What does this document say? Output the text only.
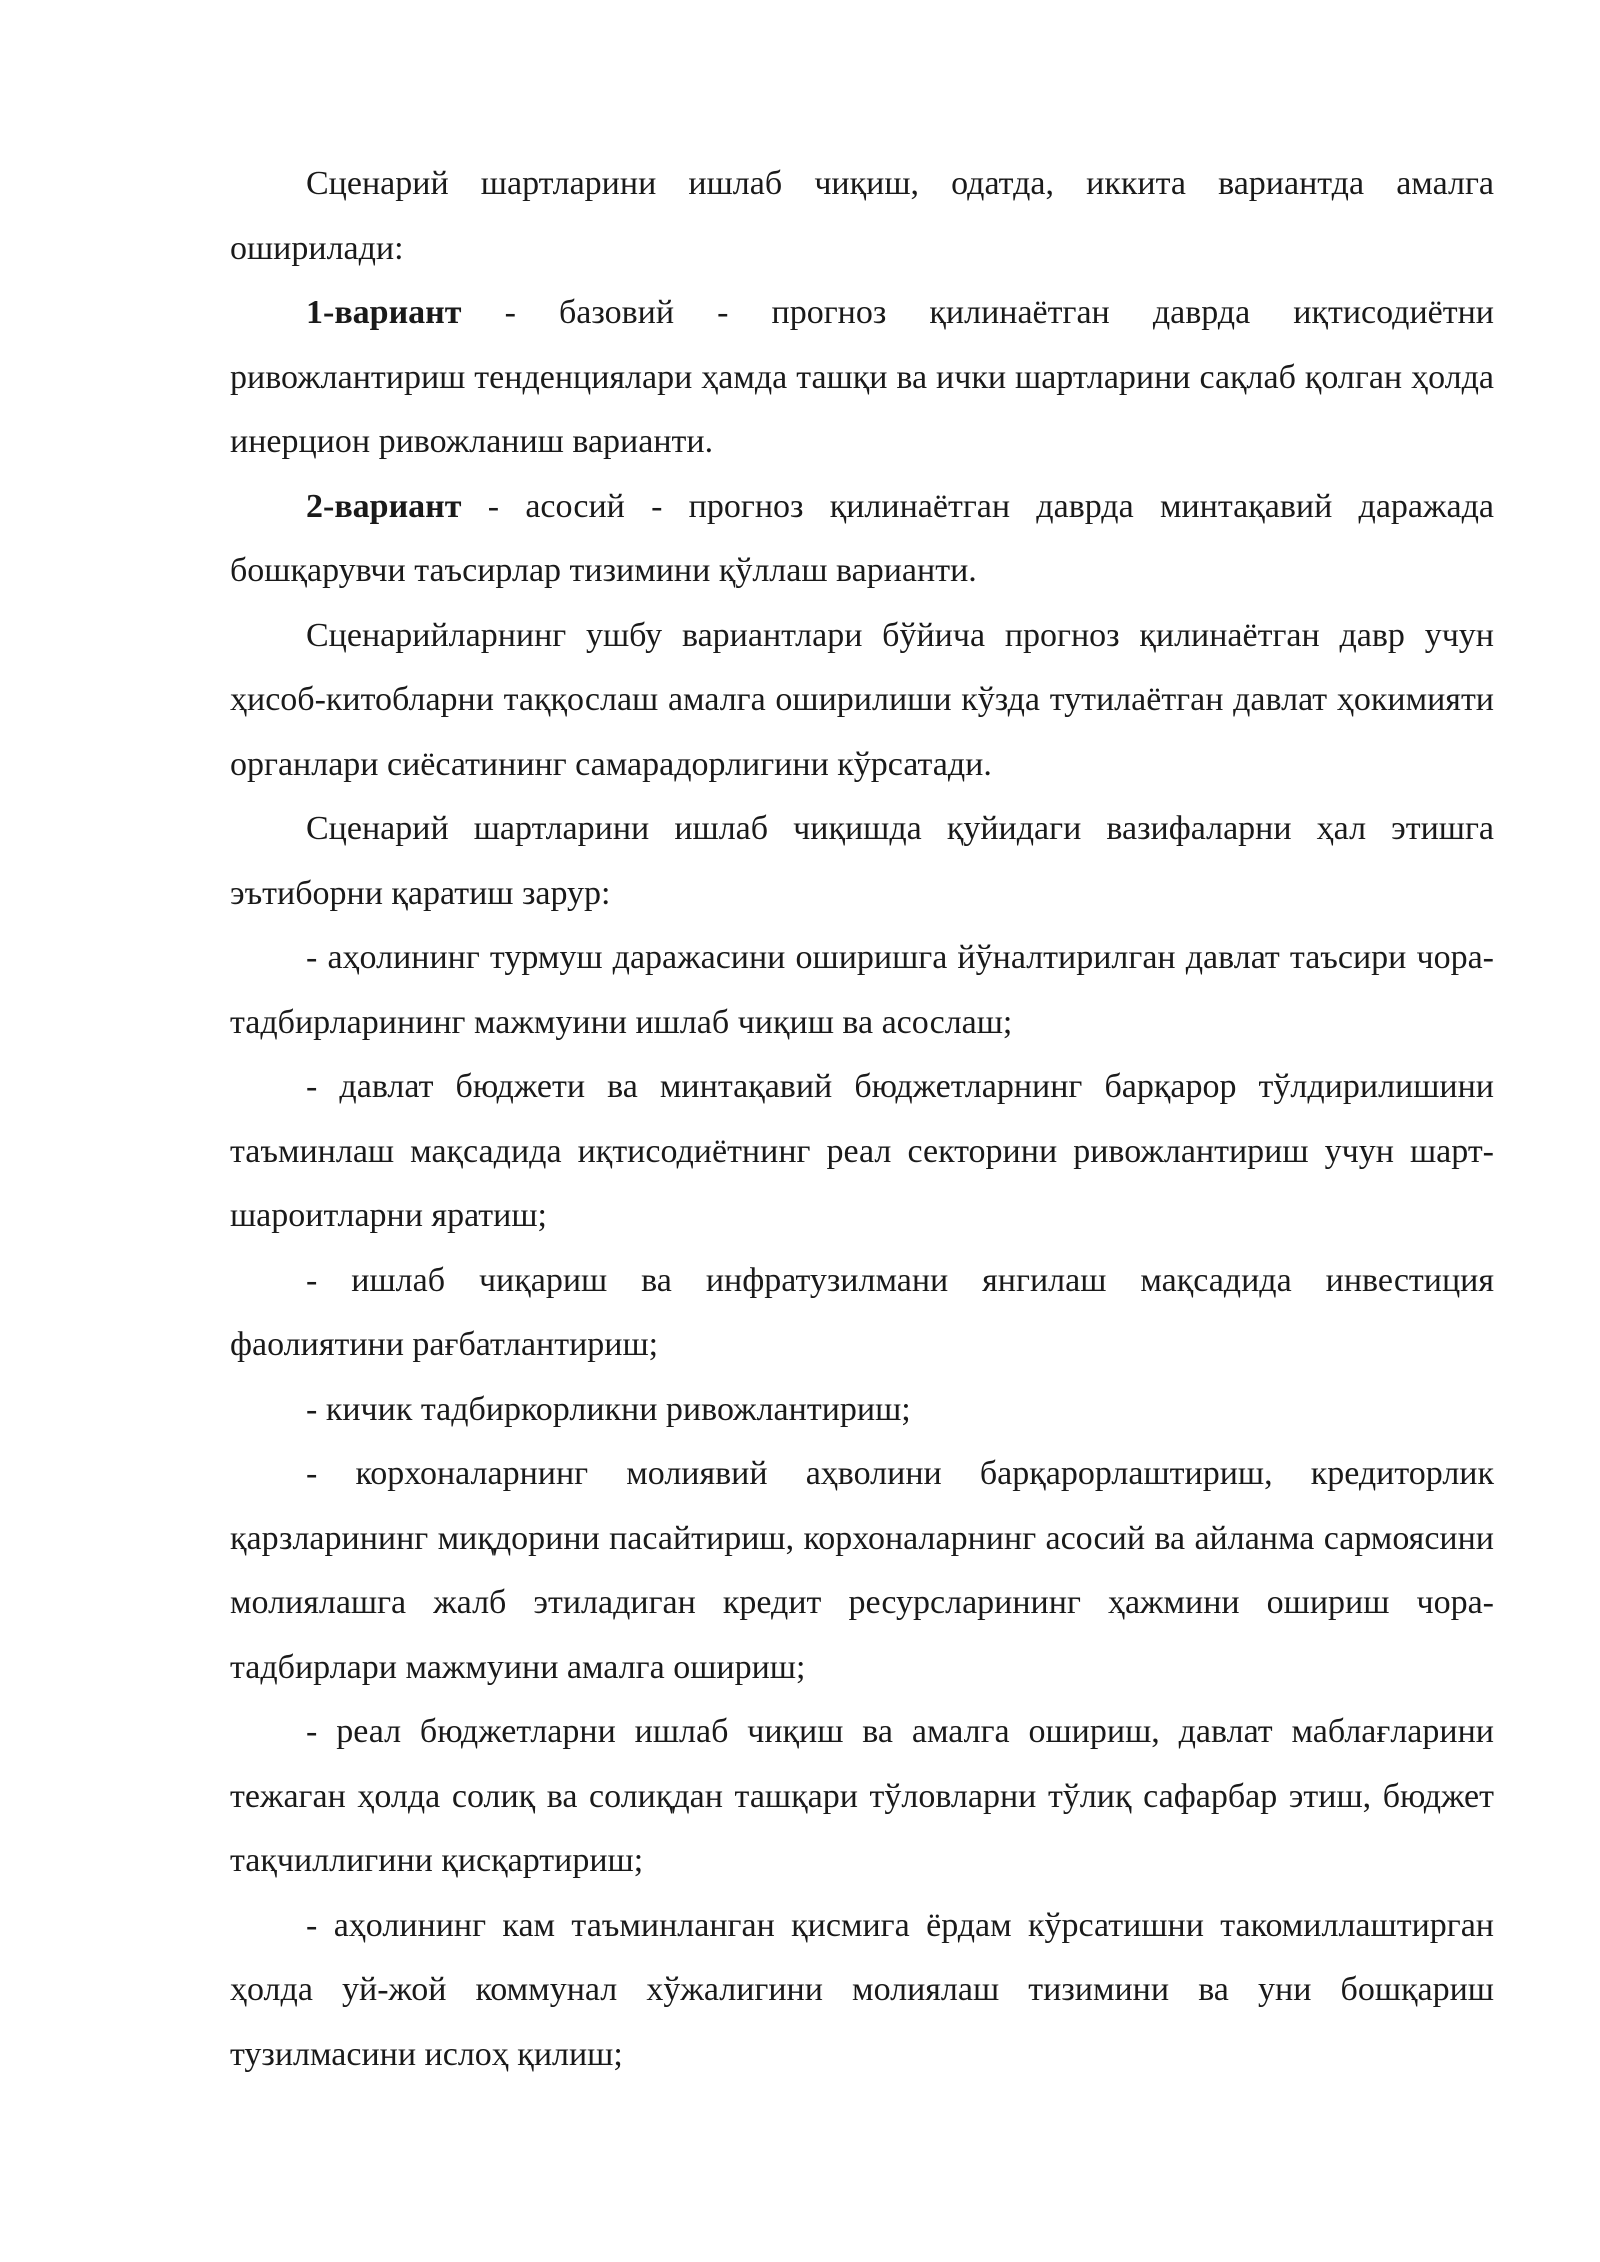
Сценарий шартларини ишлаб чиқиш, одатда, иккита вариантда амалга оширилади:

1-вариант - базовий - прогноз қилинаётган даврда иқтисодиётни ривожлантириш тенденциялари ҳамда ташқи ва ички шартларини сақлаб қолган ҳолда инерцион ривожланиш варианти.

2-вариант - асосий - прогноз қилинаётган даврда минтақавий даражада бошқарувчи таъсирлар тизимини қўллаш варианти.

Сценарийларнинг ушбу вариантлари бўйича прогноз қилинаётган давр учун ҳисоб-китобларни таққослаш амалга оширилиши кўзда тутилаётган давлат ҳокимияти органлари сиёсатининг самарадорлигини кўрсатади.

Сценарий шартларини ишлаб чиқишда қуйидаги вазифаларни ҳал этишга эътиборни қаратиш зарур:

- аҳолининг турмуш даражасини оширишга йўналтирилган давлат таъсири чора-тадбирларининг мажмуини ишлаб чиқиш ва асослаш;

- давлат бюджети ва минтақавий бюджетларнинг барқарор тўлдирилишини таъминлаш мақсадида иқтисодиётнинг реал секторини ривожлантириш учун шарт-шароитларни яратиш;

- ишлаб чиқариш ва инфратузилмани янгилаш мақсадида инвестиция фаолиятини рағбатлантириш;

- кичик тадбиркорликни ривожлантириш;

- корхоналарнинг молиявий аҳволини барқарорлаштириш, кредиторлик қарзларининг миқдорини пасайтириш, корхоналарнинг асосий ва айланма сармоясини молиялашга жалб этиладиган кредит ресурсларининг ҳажмини ошириш чора-тадбирлари мажмуини амалга ошириш;

- реал бюджетларни ишлаб чиқиш ва амалга ошириш, давлат маблағларини тежаган ҳолда солиқ ва солиқдан ташқари тўловларни тўлиқ сафарбар этиш, бюджет тақчиллигини қисқартириш;

- аҳолининг кам таъминланган қисмига ёрдам кўрсатишни такомиллаштирган ҳолда уй-жой коммунал хўжалигини молиялаш тизимини ва уни бошқариш тузилмасини ислоҳ қилиш;
